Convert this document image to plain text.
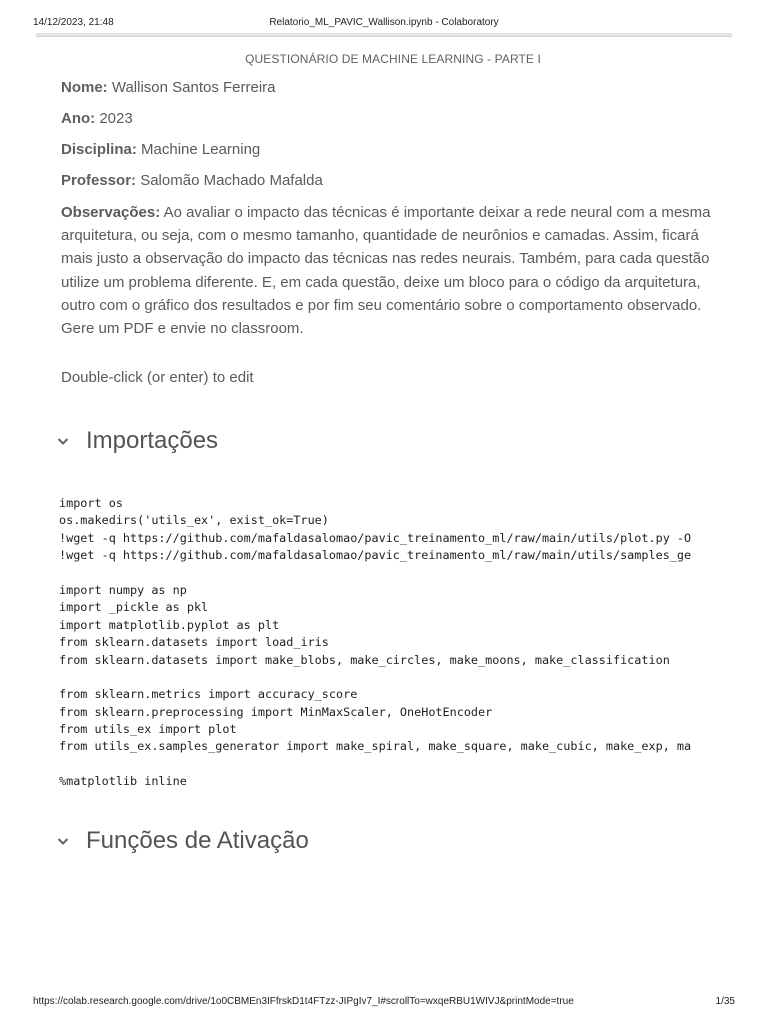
14/12/2023, 21:48	Relatorio_ML_PAVIC_Wallison.ipynb - Colaboratory
QUESTIONÁRIO DE MACHINE LEARNING - PARTE I
Nome: Wallison Santos Ferreira
Ano: 2023
Disciplina: Machine Learning
Professor: Salomão Machado Mafalda
Observações: Ao avaliar o impacto das técnicas é importante deixar a rede neural com a mesma arquitetura, ou seja, com o mesmo tamanho, quantidade de neurônios e camadas. Assim, ficará mais justo a observação do impacto das técnicas nas redes neurais. Também, para cada questão utilize um problema diferente. E, em cada questão, deixe um bloco para o código da arquitetura, outro com o gráfico dos resultados e por fim seu comentário sobre o comportamento observado. Gere um PDF e envie no classroom.
Double-click (or enter) to edit
Importações
import os
os.makedirs('utils_ex', exist_ok=True)
!wget -q https://github.com/mafaldasalomao/pavic_treinamento_ml/raw/main/utils/plot.py -O
!wget -q https://github.com/mafaldasalomao/pavic_treinamento_ml/raw/main/utils/samples_ge
import numpy as np
import _pickle as pkl
import matplotlib.pyplot as plt
from sklearn.datasets import load_iris
from sklearn.datasets import make_blobs, make_circles, make_moons, make_classification
from sklearn.metrics import accuracy_score
from sklearn.preprocessing import MinMaxScaler, OneHotEncoder
from utils_ex import plot
from utils_ex.samples_generator import make_spiral, make_square, make_cubic, make_exp, ma
%matplotlib inline
Funções de Ativação
https://colab.research.google.com/drive/1o0CBMEn3IFfrskD1t4FTzz-JIPgIv7_I#scrollTo=wxqeRBU1WIVJ&printMode=true	1/35
